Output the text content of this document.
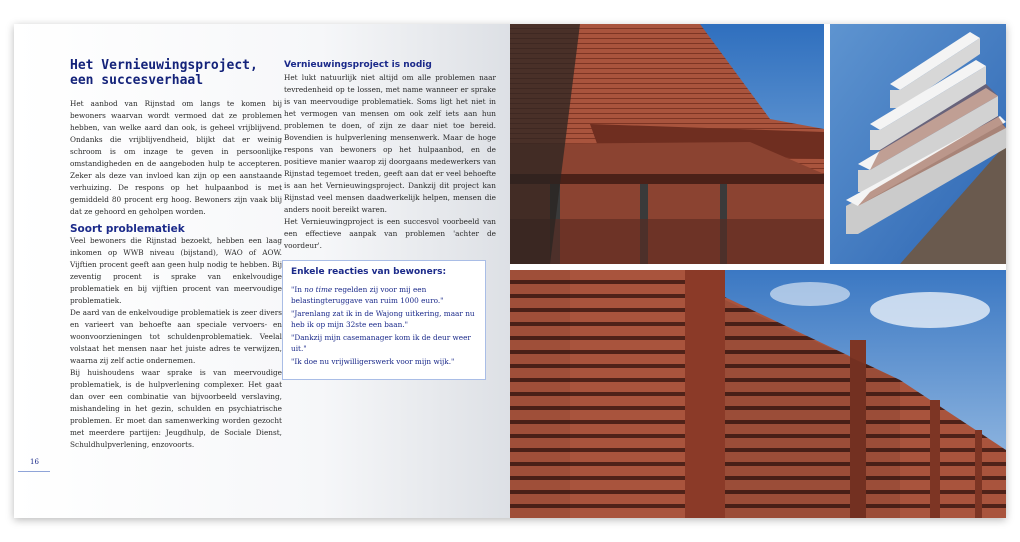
Het Vernieuwingsproject,
een succesverhaal

Het aanbod van Rijnstad om langs te komen bij bewoners waarvan wordt vermoed dat ze problemen hebben, van welke aard dan ook, is geheel vrijblijvend. Ondanks die vrijblijvendheid, blijkt dat er weinig schroom is om inzage te geven in persoonlijke omstandigheden en de aangeboden hulp te accepteren. Zeker als deze van invloed kan zijn op een aanstaande verhuizing. De respons op het hulpaanbod is met gemiddeld 80 procent erg hoog. Bewoners zijn vaak blij dat ze gehoord en geholpen worden.

Soort problematiek

Veel bewoners die Rijnstad bezoekt, hebben een laag inkomen op WWB niveau (bijstand), WAO of AOW. Vijftien procent geeft aan geen hulp nodig te hebben. Bij zeventig procent is sprake van enkelvoudige problematiek en bij vijftien procent van meervoudige problematiek.

De aard van de enkelvoudige problematiek is zeer divers en varieert van behoefte aan speciale vervoers- en woonvoorzieningen tot schuldenproblematiek. Veelal volstaat het mensen naar het juiste adres te verwijzen, waarna zij zelf actie ondernemen.

Bij huishoudens waar sprake is van meervoudige problematiek, is de hulpverlening complexer. Het gaat dan over een combinatie van bijvoorbeeld verslaving, mishandeling in het gezin, schulden en psychiatrische problemen. Er moet dan samenwerking worden gezocht met meerdere partijen: Jeugdhulp, de Sociale Dienst, Schuldhulpverlening, enzovoorts.

Vernieuwingsproject is nodig

Het lukt natuurlijk niet altijd om alle problemen naar tevredenheid op te lossen, met name wanneer er sprake is van meervoudige problematiek. Soms ligt het niet in het vermogen van mensen om ook zelf iets aan hun problemen te doen, of zijn ze daar niet toe bereid. Bovendien is hulpverlening mensenwerk. Maar de hoge respons van bewoners op het hulpaanbod, en de positieve manier waarop zij doorgaans medewerkers van Rijnstad tegemoet treden, geeft aan dat er veel behoefte is aan het Vernieuwingsproject. Dankzij dit project kan Rijnstad veel mensen daadwerkelijk helpen, mensen die anders nooit bereikt waren.

Het Vernieuwingproject is een succesvol voorbeeld van een effectieve aanpak van problemen 'achter de voordeur'.

Enkele reacties van bewoners:

"In no time regelden zij voor mij een belastingteruggave van ruim 1000 euro."

"Jarenlang zat ik in de Wajong uitkering, maar nu heb ik op mijn 32ste een baan."

"Dankzij mijn casemanager kom ik de deur weer uit."

"Ik doe nu vrijwilligerswerk voor mijn wijk."

16
